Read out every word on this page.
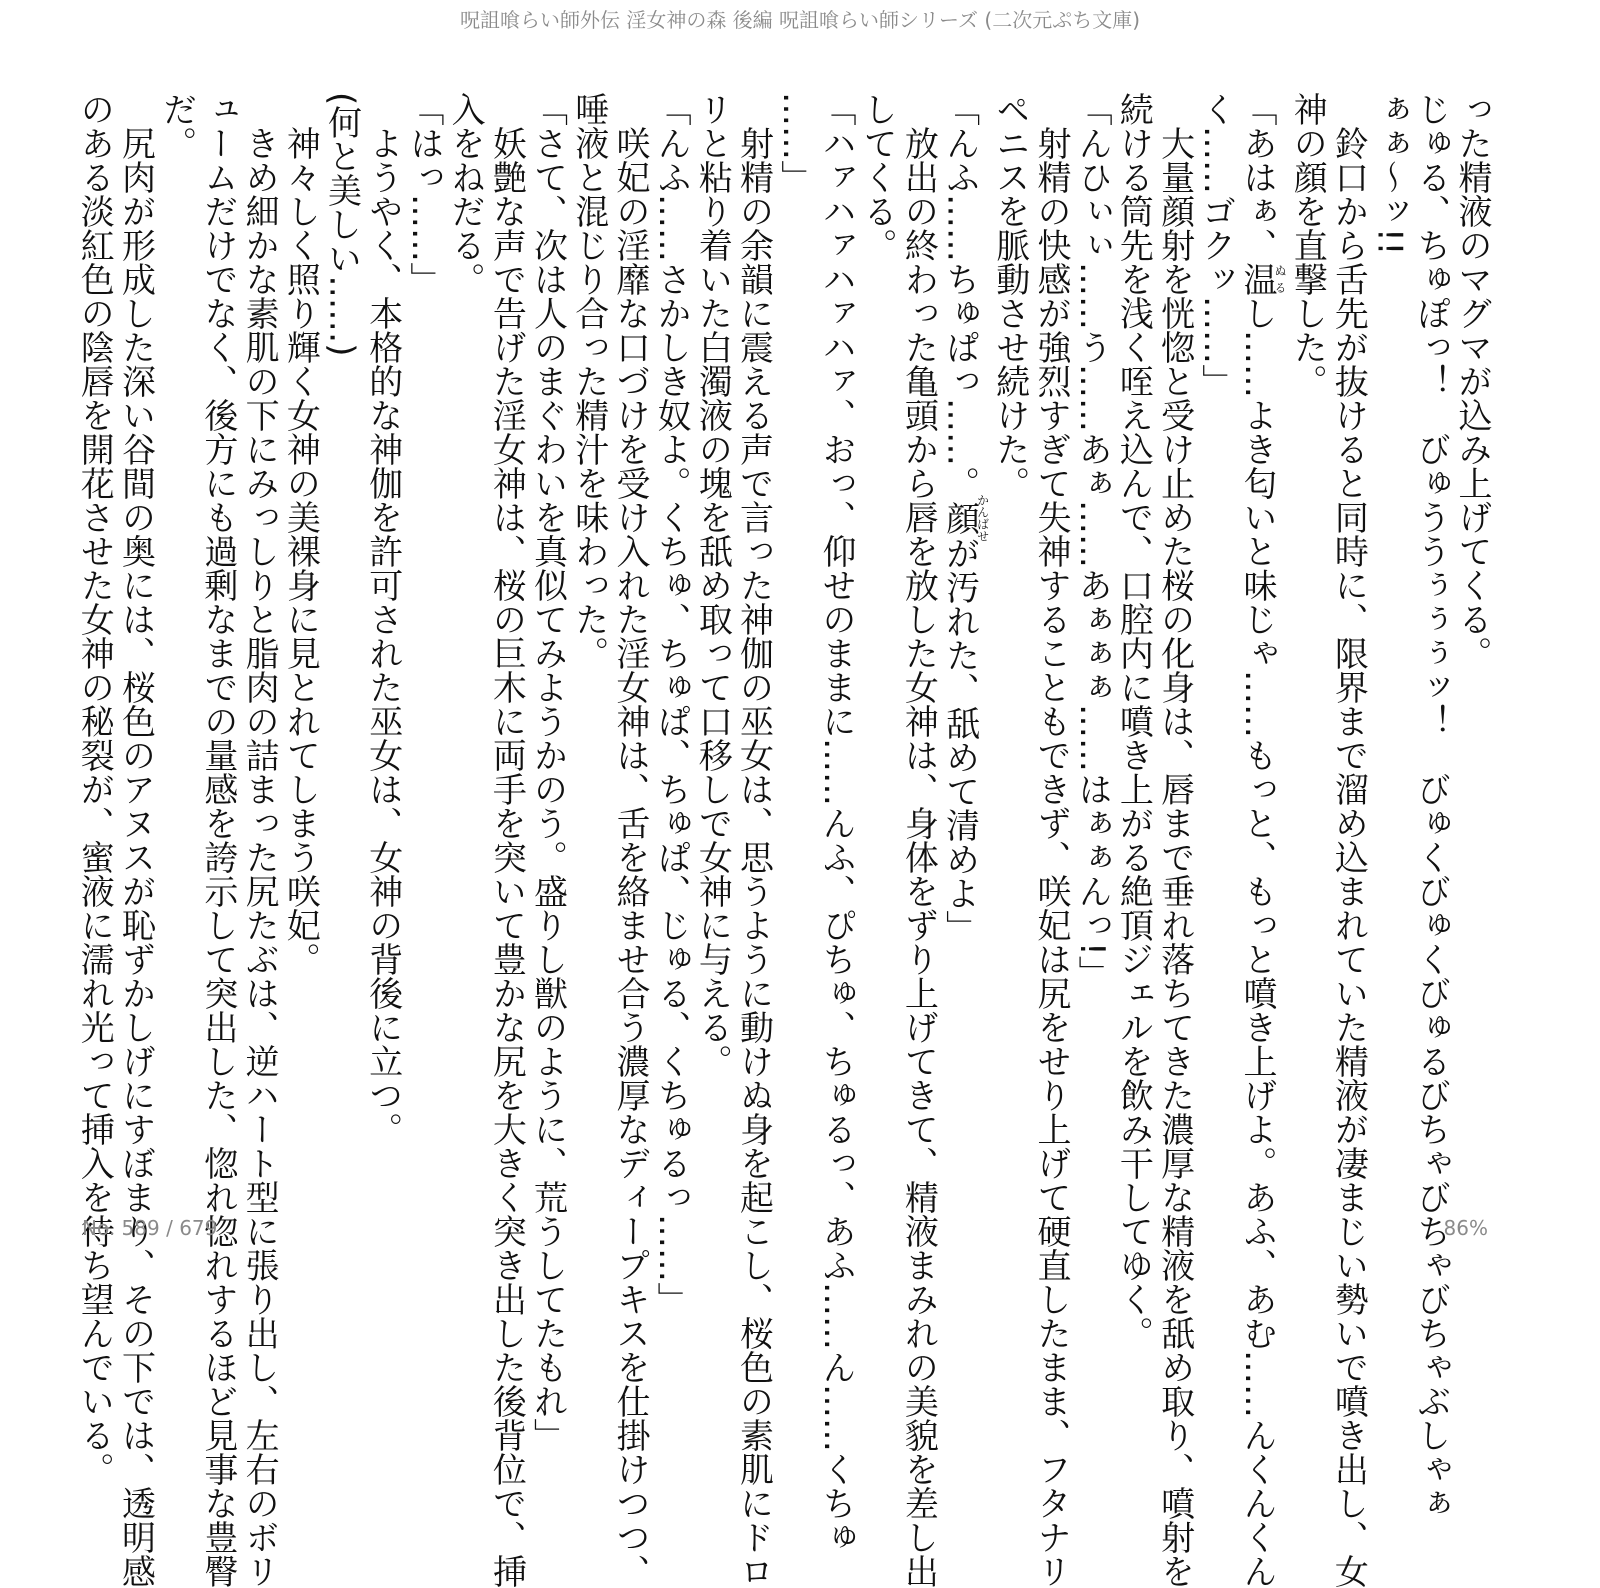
呪詛喰らい師外伝 淫女神の森 後編 呪詛喰らい師シリーズ (二次元ぷち文庫)
った精液のマグマが込み上げてくる。
じゅる、ちゅぽっ！　びゅううぅぅぅッ！　びゅくびゅくびゅるびちゃびちゃびちゃぶしゃぁ
ぁぁ～ッ!!
　鈴口から舌先が抜けると同時に、限界まで溜め込まれていた精液が凄まじい勢いで噴き出し、女
神の顔を直撃した。
「あはぁ、温ぬるし……よき匂いと味じゃ……もっと、もっと噴き上げよ。あふ、あむ……んくんくん
く……ゴクッ……」
　大量顔射を恍惚と受け止めた桜の化身は、唇まで垂れ落ちてきた濃厚な精液を舐め取り、噴射を
続ける筒先を浅く咥え込んで、口腔内に噴き上がる絶頂ジェルを飲み干してゆく。
「んひぃぃ……う……あぁ……あぁぁぁ……はぁぁんっ!」
　射精の快感が強烈すぎて失神することもできず、咲妃は尻をせり上げて硬直したまま、フタナリ
ペニスを脈動させ続けた。
「んふ……ちゅぱっ……。顔かんばせが汚れた、舐めて清めよ」
　放出の終わった亀頭から唇を放した女神は、身体をずり上げてきて、精液まみれの美貌を差し出
してくる。
「ハァハァハァハァ、おっ、仰せのままに……んふ、ぴちゅ、ちゅるっ、あふ……ん……くちゅ
……」
　射精の余韻に震える声で言った神伽の巫女は、思うように動けぬ身を起こし、桜色の素肌にドロ
リと粘り着いた白濁液の塊を舐め取って口移しで女神に与える。
「んふ……さかしき奴よ。くちゅ、ちゅぱ、ちゅぱ、じゅる、くちゅるっ……」
　咲妃の淫靡な口づけを受け入れた淫女神は、舌を絡ませ合う濃厚なディープキスを仕掛けつつ、
唾液と混じり合った精汁を味わった。
「さて、次は人のまぐわいを真似てみようかのう。盛りし獣のように、荒うしてたもれ」
　妖艶な声で告げた淫女神は、桜の巨木に両手を突いて豊かな尻を大きく突き出した後背位で、挿
入をねだる。
「はっ……」
　ようやく、本格的な神伽を許可された巫女は、女神の背後に立つ。
(何と美しい……)
　神々しく照り輝く女神の美裸身に見とれてしまう咲妃。
　きめ細かな素肌の下にみっしりと脂肉の詰まった尻たぶは、逆ハート型に張り出し、左右のボリ
ュームだけでなく、後方にも過剰なまでの量感を誇示して突出した、惚れ惚れするほど見事な豊臀
だ。
　尻肉が形成した深い谷間の奥には、桜色のアヌスが恥ずかしげにすぼまり、その下では、透明感
のある淡紅色の陰唇を開花させた女神の秘裂が、蜜液に濡れ光って挿入を待ち望んでいる。
No. 589 / 679	86%
